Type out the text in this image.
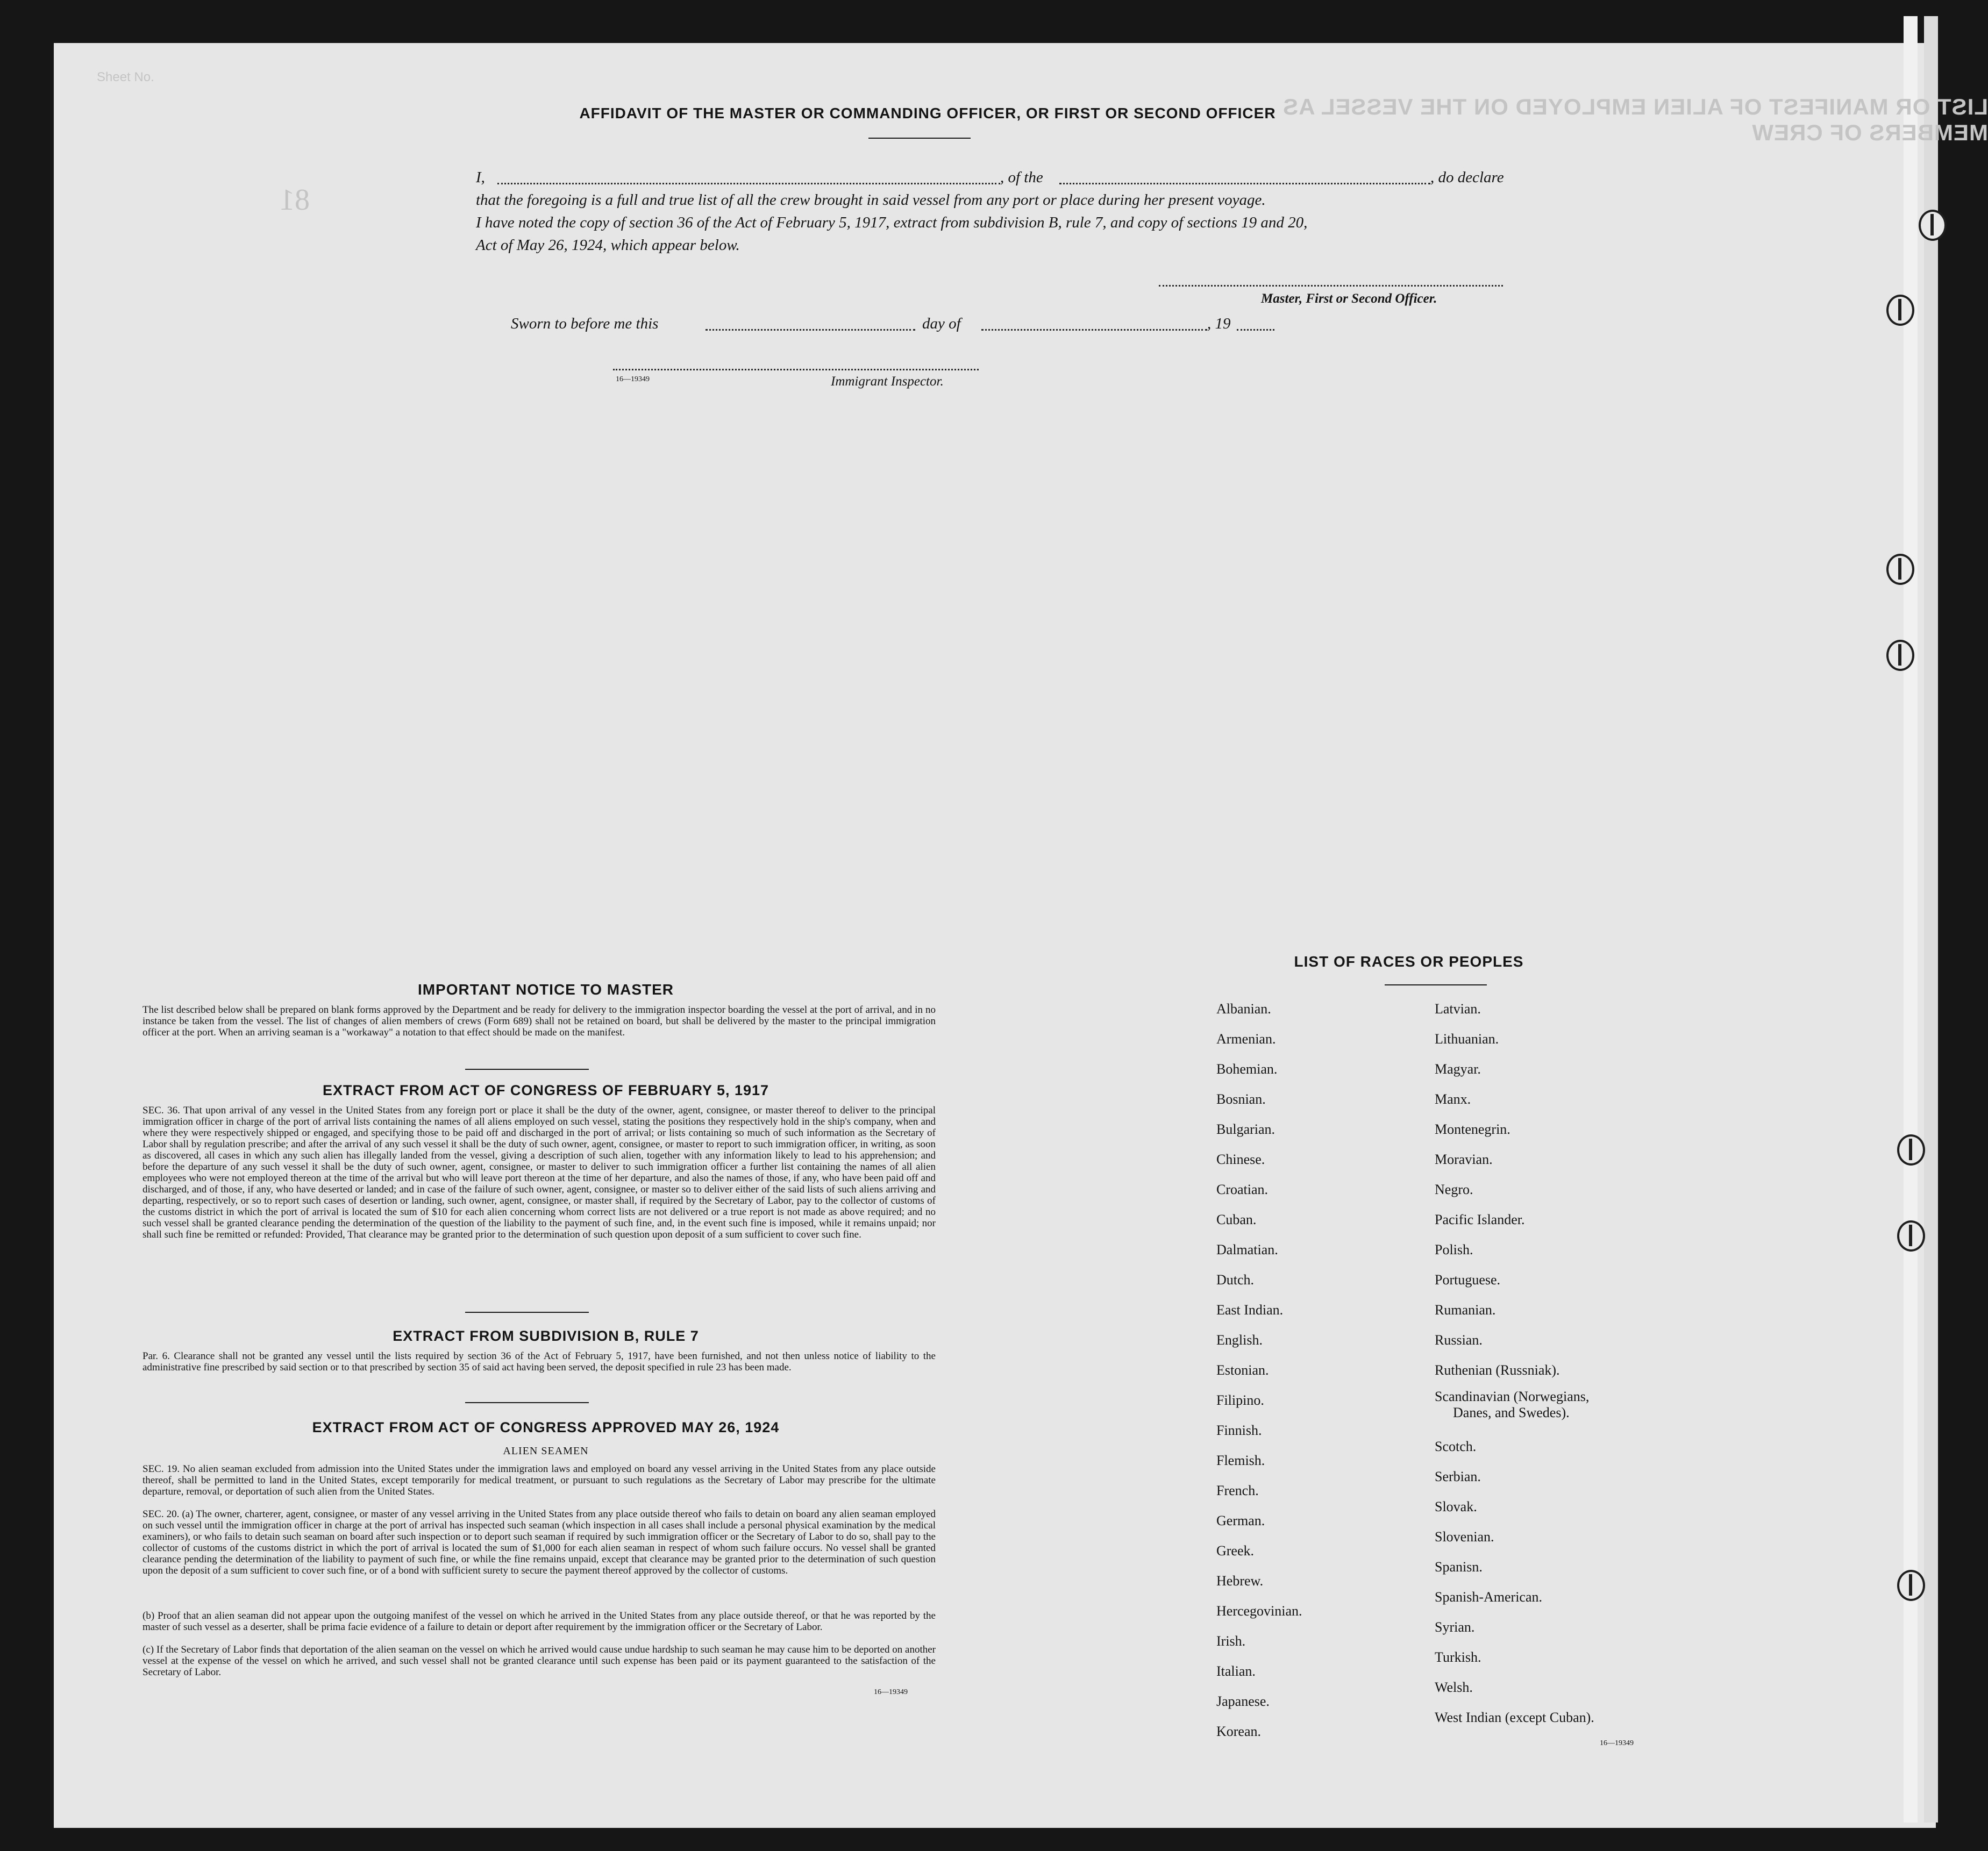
Sheet No.
LIST OR MANIFEST OF ALIEN EMPLOYED ON THE VESSEL AS MEMBERS OF CREW
81
AFFIDAVIT OF THE MASTER OR COMMANDING OFFICER, OR FIRST OR SECOND OFFICER
I,	, of the	, do declare
that the foregoing is a full and true list of all the crew brought in said vessel from any port or place during her present voyage.
I have noted the copy of section 36 of the Act of February 5, 1917, extract from subdivision B, rule 7, and copy of sections 19 and 20,
Act of May 26, 1924, which appear below.
Master, First or Second Officer.
Sworn to before me this	day of	, 19
16—19349	Immigrant Inspector.
IMPORTANT NOTICE TO MASTER
The list described below shall be prepared on blank forms approved by the Department and be ready for delivery to the immigration inspector boarding the vessel at the port of arrival, and in no instance be taken from the vessel. The list of changes of alien members of crews (Form 689) shall not be retained on board, but shall be delivered by the master to the principal immigration officer at the port. When an arriving seaman is a "workaway" a notation to that effect should be made on the manifest.
EXTRACT FROM ACT OF CONGRESS OF FEBRUARY 5, 1917
SEC. 36. That upon arrival of any vessel in the United States from any foreign port or place it shall be the duty of the owner, agent, consignee, or master thereof to deliver to the principal immigration officer in charge of the port of arrival lists containing the names of all aliens employed on such vessel, stating the positions they respectively hold in the ship's company, when and where they were respectively shipped or engaged, and specifying those to be paid off and discharged in the port of arrival; or lists containing so much of such information as the Secretary of Labor shall by regulation prescribe; and after the arrival of any such vessel it shall be the duty of such owner, agent, consignee, or master to report to such immigration officer, in writing, as soon as discovered, all cases in which any such alien has illegally landed from the vessel, giving a description of such alien, together with any information likely to lead to his apprehension; and before the departure of any such vessel it shall be the duty of such owner, agent, consignee, or master to deliver to such immigration officer a further list containing the names of all alien employees who were not employed thereon at the time of the arrival but who will leave port thereon at the time of her departure, and also the names of those, if any, who have been paid off and discharged, and of those, if any, who have deserted or landed; and in case of the failure of such owner, agent, consignee, or master so to deliver either of the said lists of such aliens arriving and departing, respectively, or so to report such cases of desertion or landing, such owner, agent, consignee, or master shall, if required by the Secretary of Labor, pay to the collector of customs of the customs district in which the port of arrival is located the sum of $10 for each alien concerning whom correct lists are not delivered or a true report is not made as above required; and no such vessel shall be granted clearance pending the determination of the question of the liability to the payment of such fine, and, in the event such fine is imposed, while it remains unpaid; nor shall such fine be remitted or refunded: Provided, That clearance may be granted prior to the determination of such question upon deposit of a sum sufficient to cover such fine.
EXTRACT FROM SUBDIVISION B, RULE 7
Par. 6. Clearance shall not be granted any vessel until the lists required by section 36 of the Act of February 5, 1917, have been furnished, and not then unless notice of liability to the administrative fine prescribed by said section or to that prescribed by section 35 of said act having been served, the deposit specified in rule 23 has been made.
EXTRACT FROM ACT OF CONGRESS APPROVED MAY 26, 1924
ALIEN SEAMEN
SEC. 19. No alien seaman excluded from admission into the United States under the immigration laws and employed on board any vessel arriving in the United States from any place outside thereof, shall be permitted to land in the United States, except temporarily for medical treatment, or pursuant to such regulations as the Secretary of Labor may prescribe for the ultimate departure, removal, or deportation of such alien from the United States.
SEC. 20. (a) The owner, charterer, agent, consignee, or master of any vessel arriving in the United States from any place outside thereof who fails to detain on board any alien seaman employed on such vessel until the immigration officer in charge at the port of arrival has inspected such seaman (which inspection in all cases shall include a personal physical examination by the medical examiners), or who fails to detain such seaman on board after such inspection or to deport such seaman if required by such immigration officer or the Secretary of Labor to do so, shall pay to the collector of customs of the customs district in which the port of arrival is located the sum of $1,000 for each alien seaman in respect of whom such failure occurs. No vessel shall be granted clearance pending the determination of the liability to payment of such fine, or while the fine remains unpaid, except that clearance may be granted prior to the determination of such question upon the deposit of a sum sufficient to cover such fine, or of a bond with sufficient surety to secure the payment thereof approved by the collector of customs.
(b) Proof that an alien seaman did not appear upon the outgoing manifest of the vessel on which he arrived in the United States from any place outside thereof, or that he was reported by the master of such vessel as a deserter, shall be prima facie evidence of a failure to detain or deport after requirement by the immigration officer or the Secretary of Labor.
(c) If the Secretary of Labor finds that deportation of the alien seaman on the vessel on which he arrived would cause undue hardship to such seaman he may cause him to be deported on another vessel at the expense of the vessel on which he arrived, and such vessel shall not be granted clearance until such expense has been paid or its payment guaranteed to the satisfaction of the Secretary of Labor.
16—19349
LIST OF RACES OR PEOPLES
Albanian.
Armenian.
Bohemian.
Bosnian.
Bulgarian.
Chinese.
Croatian.
Cuban.
Dalmatian.
Dutch.
East Indian.
English.
Estonian.
Filipino.
Finnish.
Flemish.
French.
German.
Greek.
Hebrew.
Hercegovinian.
Irish.
Italian.
Japanese.
Korean.
Latvian.
Lithuanian.
Magyar.
Manx.
Montenegrin.
Moravian.
Negro.
Pacific Islander.
Polish.
Portuguese.
Rumanian.
Russian.
Ruthenian (Russniak).
Scandinavian (Norwegians,
Danes, and Swedes).
Scotch.
Serbian.
Slovak.
Slovenian.
Spanisn.
Spanish-American.
Syrian.
Turkish.
Welsh.
West Indian (except Cuban).
16—19349
